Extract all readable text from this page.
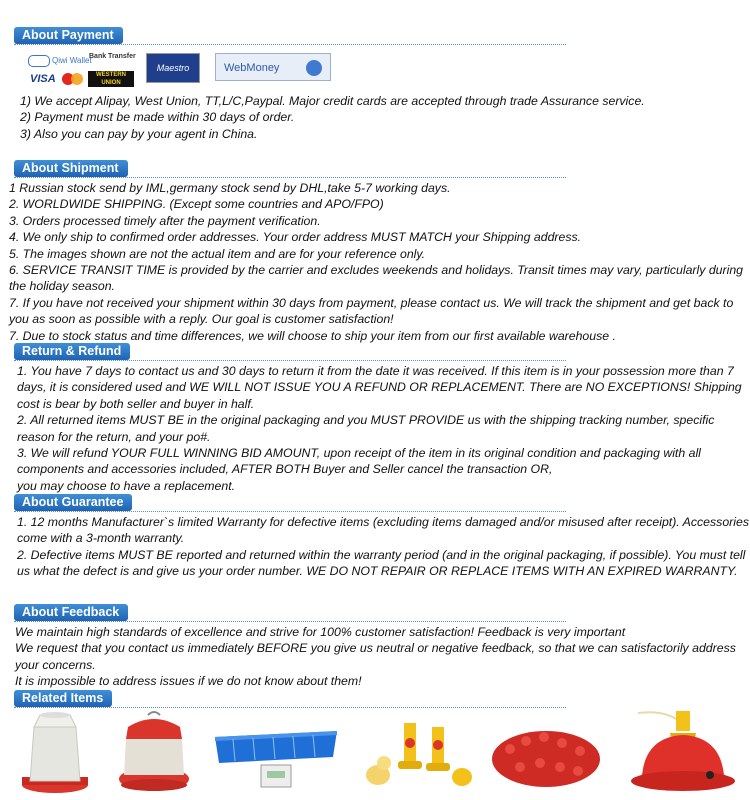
About Payment
Qiwi Wallet
Bank Transfer
VISA	WESTERN UNION
Maestro	WebMoney

1) We accept Alipay, West Union, TT,L/C,Paypal. Major credit cards are accepted through trade Assurance service.

2) Payment must be made within 30 days of order.

3) Also you can pay by your agent in China.

About Shipment

1 Russian stock send by IML,germany stock send by DHL,take 5-7 working days.

2. WORLDWIDE SHIPPING. (Except some countries and APO/FPO)

3. Orders processed timely after the payment verification.

4. We only ship to confirmed order addresses. Your order address MUST MATCH your Shipping address.

5. The images shown are not the actual item and are for your reference only.

6. SERVICE TRANSIT TIME is provided by the carrier and excludes weekends and holidays. Transit times may vary, particularly during the holiday season.

7. If you have not received your shipment within 30 days from payment, please contact us. We will track the shipment and get back to you as soon as possible with a reply. Our goal is customer satisfaction!

7. Due to stock status and time differences, we will choose to ship your item from our first available warehouse .

Return & Refund

1. You have 7 days to contact us and 30 days to return it from the date it was received. If this item is in your possession more than 7 days, it is considered used and WE WILL NOT ISSUE YOU A REFUND OR REPLACEMENT. There are NO EXCEPTIONS! Shipping cost is bear by both seller and buyer in half.

2. All returned items MUST BE in the original packaging and you MUST PROVIDE us with the shipping tracking number, specific reason for the return, and your po#.

3. We will refund YOUR FULL WINNING BID AMOUNT, upon receipt of the item in its original condition and packaging with all components and accessories included, AFTER BOTH Buyer and Seller cancel the transaction OR,

you may choose to have a replacement.

About Guarantee

1. 12 months Manufacturer`s limited Warranty for defective items (excluding items damaged and/or misused after receipt). Accessories come with a 3-month warranty.

2. Defective items MUST BE reported and returned within the warranty period (and in the original packaging, if possible). You must tell us what the defect is and give us your order number. WE DO NOT REPAIR OR REPLACE ITEMS WITH AN EXPIRED WARRANTY.

About Feedback

We maintain high standards of excellence and strive for 100% customer satisfaction! Feedback is very important

We request that you contact us immediately BEFORE you give us neutral or negative feedback, so that we can satisfactorily address your concerns.

It is impossible to address issues if we do not know about them!

Related Items
